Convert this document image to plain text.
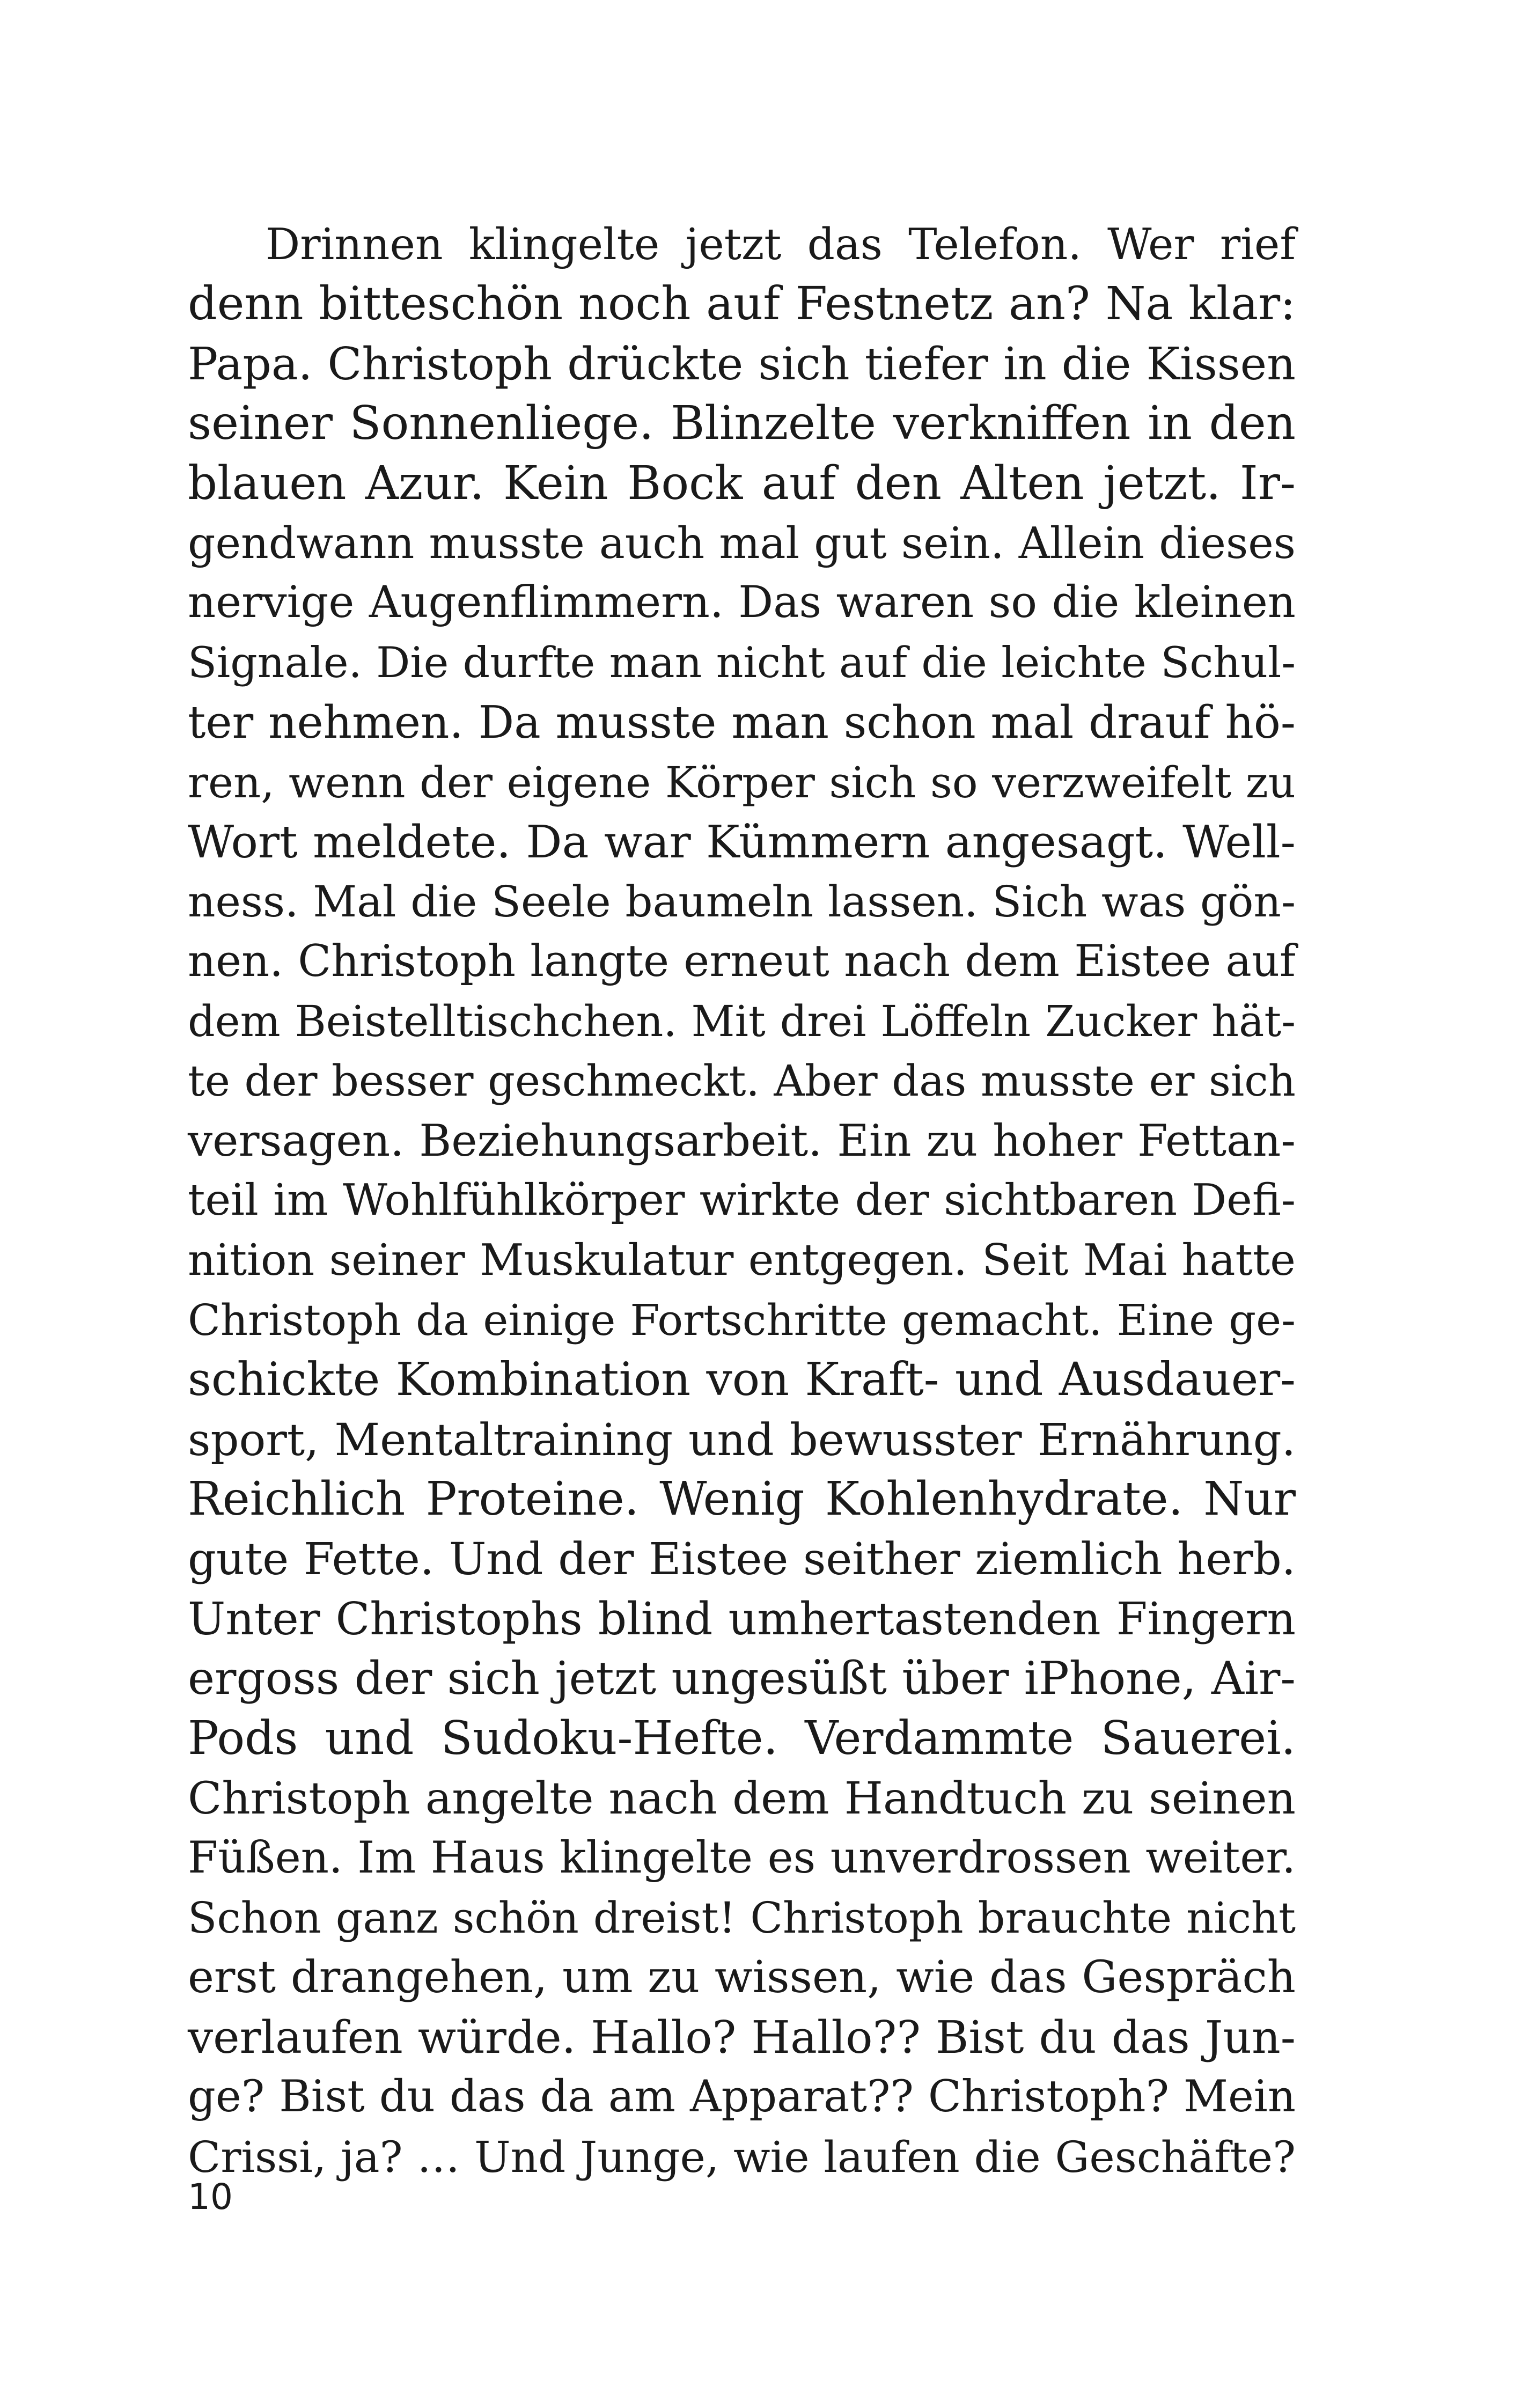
Drinnen klingelte jetzt das Telefon. Wer rief
denn bitteschön noch auf Festnetz an? Na klar:
Papa. Christoph drückte sich tiefer in die Kissen
seiner Sonnenliege. Blinzelte verkniffen in den
blauen Azur. Kein Bock auf den Alten jetzt. Ir-
gendwann musste auch mal gut sein. Allein dieses
nervige Augenflimmern. Das waren so die kleinen
Signale. Die durfte man nicht auf die leichte Schul-
ter nehmen. Da musste man schon mal drauf hö-
ren, wenn der eigene Körper sich so verzweifelt zu
Wort meldete. Da war Kümmern angesagt. Well-
ness. Mal die Seele baumeln lassen. Sich was gön-
nen. Christoph langte erneut nach dem Eistee auf
dem Beistelltischchen. Mit drei Löffeln Zucker hät-
te der besser geschmeckt. Aber das musste er sich
versagen. Beziehungsarbeit. Ein zu hoher Fettan-
teil im Wohlfühlkörper wirkte der sichtbaren Defi-
nition seiner Muskulatur entgegen. Seit Mai hatte
Christoph da einige Fortschritte gemacht. Eine ge-
schickte Kombination von Kraft- und Ausdauer-
sport, Mentaltraining und bewusster Ernährung.
Reichlich Proteine. Wenig Kohlenhydrate. Nur
gute Fette. Und der Eistee seither ziemlich herb.
Unter Christophs blind umhertastenden Fingern
ergoss der sich jetzt ungesüßt über iPhone, Air-
Pods und Sudoku-Hefte. Verdammte Sauerei.
Christoph angelte nach dem Handtuch zu seinen
Füßen. Im Haus klingelte es unverdrossen weiter.
Schon ganz schön dreist! Christoph brauchte nicht
erst drangehen, um zu wissen, wie das Gespräch
verlaufen würde. Hallo? Hallo?? Bist du das Jun-
ge? Bist du das da am Apparat?? Christoph? Mein
Crissi, ja? … Und Junge, wie laufen die Geschäfte?
10
